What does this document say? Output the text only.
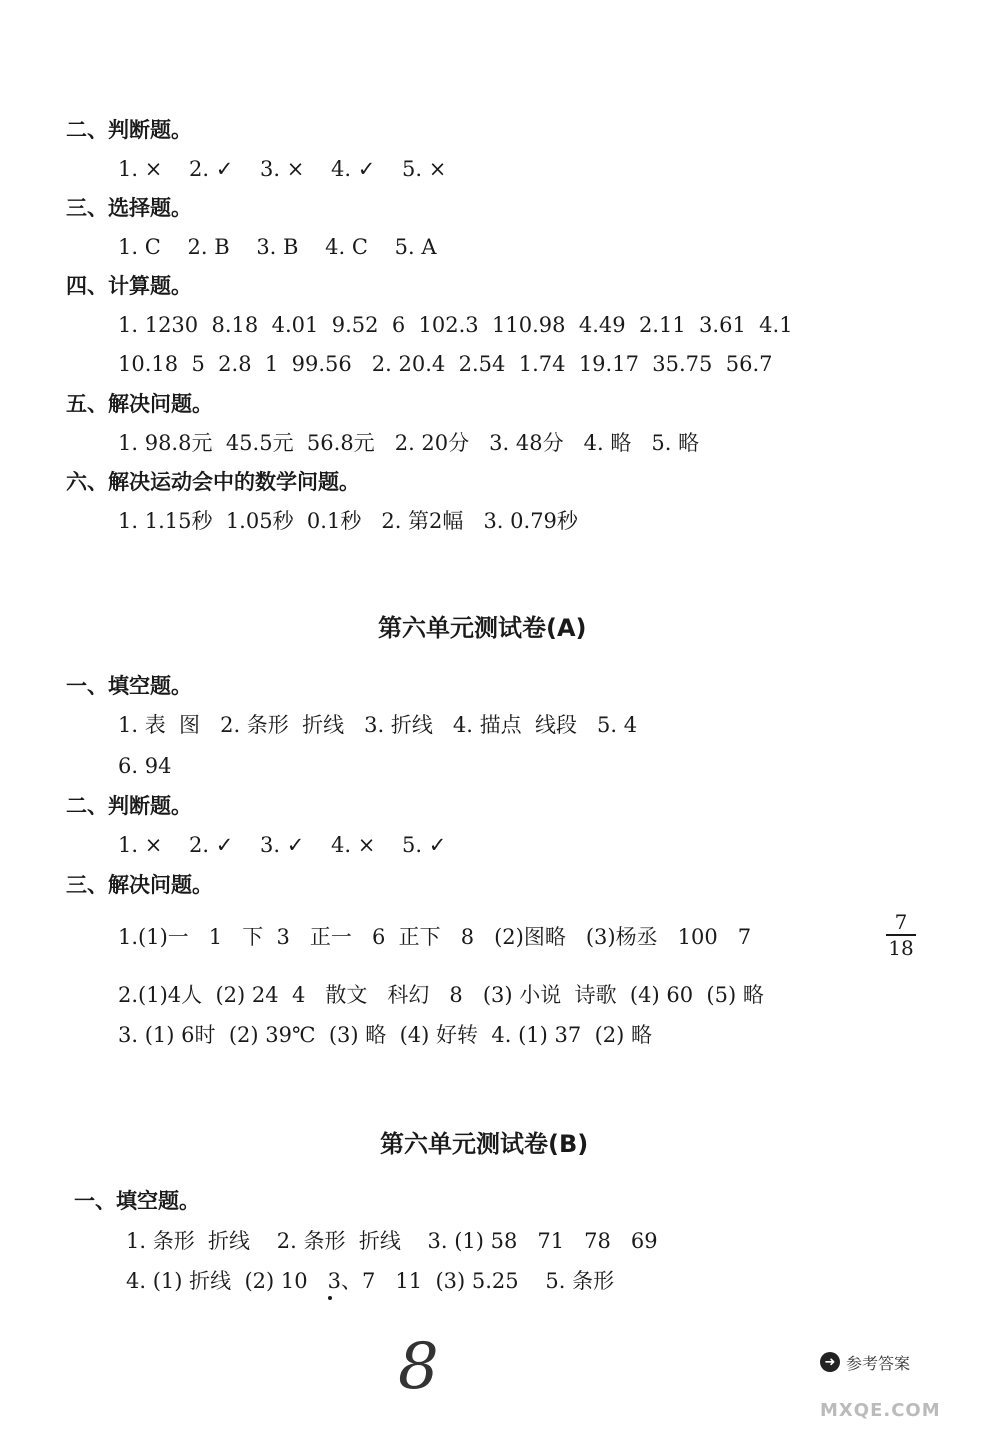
二、判断题。
1. ×    2. ✓    3. ×    4. ✓    5. ×
三、选择题。
1. C    2. B    3. B    4. C    5. A
四、计算题。
1. 1230  8.18  4.01  9.52  6  102.3  110.98  4.49  2.11  3.61  4.1
10.18  5  2.8  1  99.56   2. 20.4  2.54  1.74  19.17  35.75  56.7
五、解决问题。
1. 98.8元  45.5元  56.8元   2. 20分   3. 48分   4. 略   5. 略
六、解决运动会中的数学问题。
1. 1.15秒  1.05秒  0.1秒   2. 第2幅   3. 0.79秒
第六单元测试卷(A)
一、填空题。
1. 表  图   2. 条形  折线   3. 折线   4. 描点  线段   5. 4
6. 94
二、判断题。
1. ×    2. ✓    3. ✓    4. ×    5. ✓
三、解决问题。
1.(1)一   1   下  3   正一   6  正下   8   (2)图略   (3)杨丞   100   7
7
18
2.(1)4人  (2) 24  4   散文   科幻   8   (3) 小说  诗歌  (4) 60  (5) 略
3. (1) 6时  (2) 39℃  (3) 略  (4) 好转  4. (1) 37  (2) 略
第六单元测试卷(B)
一、填空题。
1. 条形  折线    2. 条形  折线    3. (1) 58   71   78   69
4. (1) 折线  (2) 10   3、7   11  (3) 5.25    5. 条形
8	➜ 参考答案
MXQE.COM
